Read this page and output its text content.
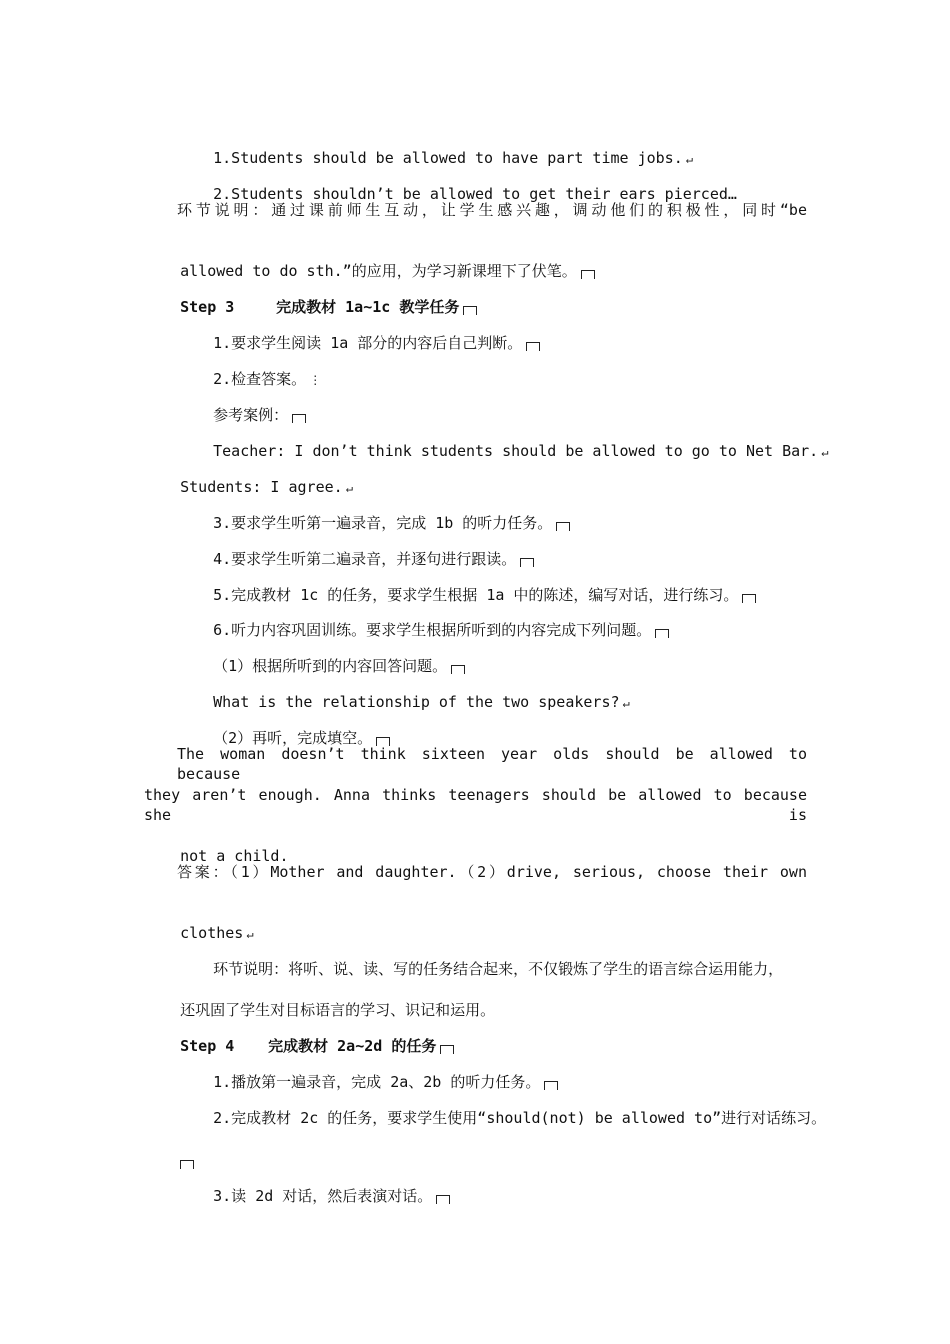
1.Students should be allowed to have part time jobs. ↵

2.Students shouldn’t be allowed to get their ears pierced…

环节说明：通过课前师生互动，让学生感兴趣，调动他们的积极性，同时“be

allowed to do sth.”的应用，为学习新课埋下了伏笔。

Step 3	完成教材 1a~1c 教学任务

1.要求学生阅读 1a 部分的内容后自己判断。

2.检查答案。 ⋮

参考案例：

Teacher: I don’t think students should be allowed to go to Net Bar. ↵

Students: I agree. ↵

3.要求学生听第一遍录音，完成 1b 的听力任务。

4.要求学生听第二遍录音，并逐句进行跟读。

5.完成教材 1c 的任务，要求学生根据 1a 中的陈述，编写对话，进行练习。

6.听力内容巩固训练。要求学生根据所听到的内容完成下列问题。

（1）根据所听到的内容回答问题。

What is the relationship of the two speakers? ↵

（2）再听，完成填空。

The woman doesn’t think sixteen year olds should be allowed to because
they aren’t enough. Anna thinks teenagers should be allowed to because she is

not a child.

答案：（1）Mother and daughter.（2）drive, serious, choose their own

clothes ↵

环节说明：将听、说、读、写的任务结合起来，不仅锻炼了学生的语言综合运用能力，

还巩固了学生对目标语言的学习、识记和运用。

Step 4 完成教材 2a~2d 的任务

1.播放第一遍录音，完成 2a、2b 的听力任务。

2.完成教材 2c 的任务，要求学生使用“should(not) be allowed to”进行对话练习。

3.读 2d 对话，然后表演对话。
